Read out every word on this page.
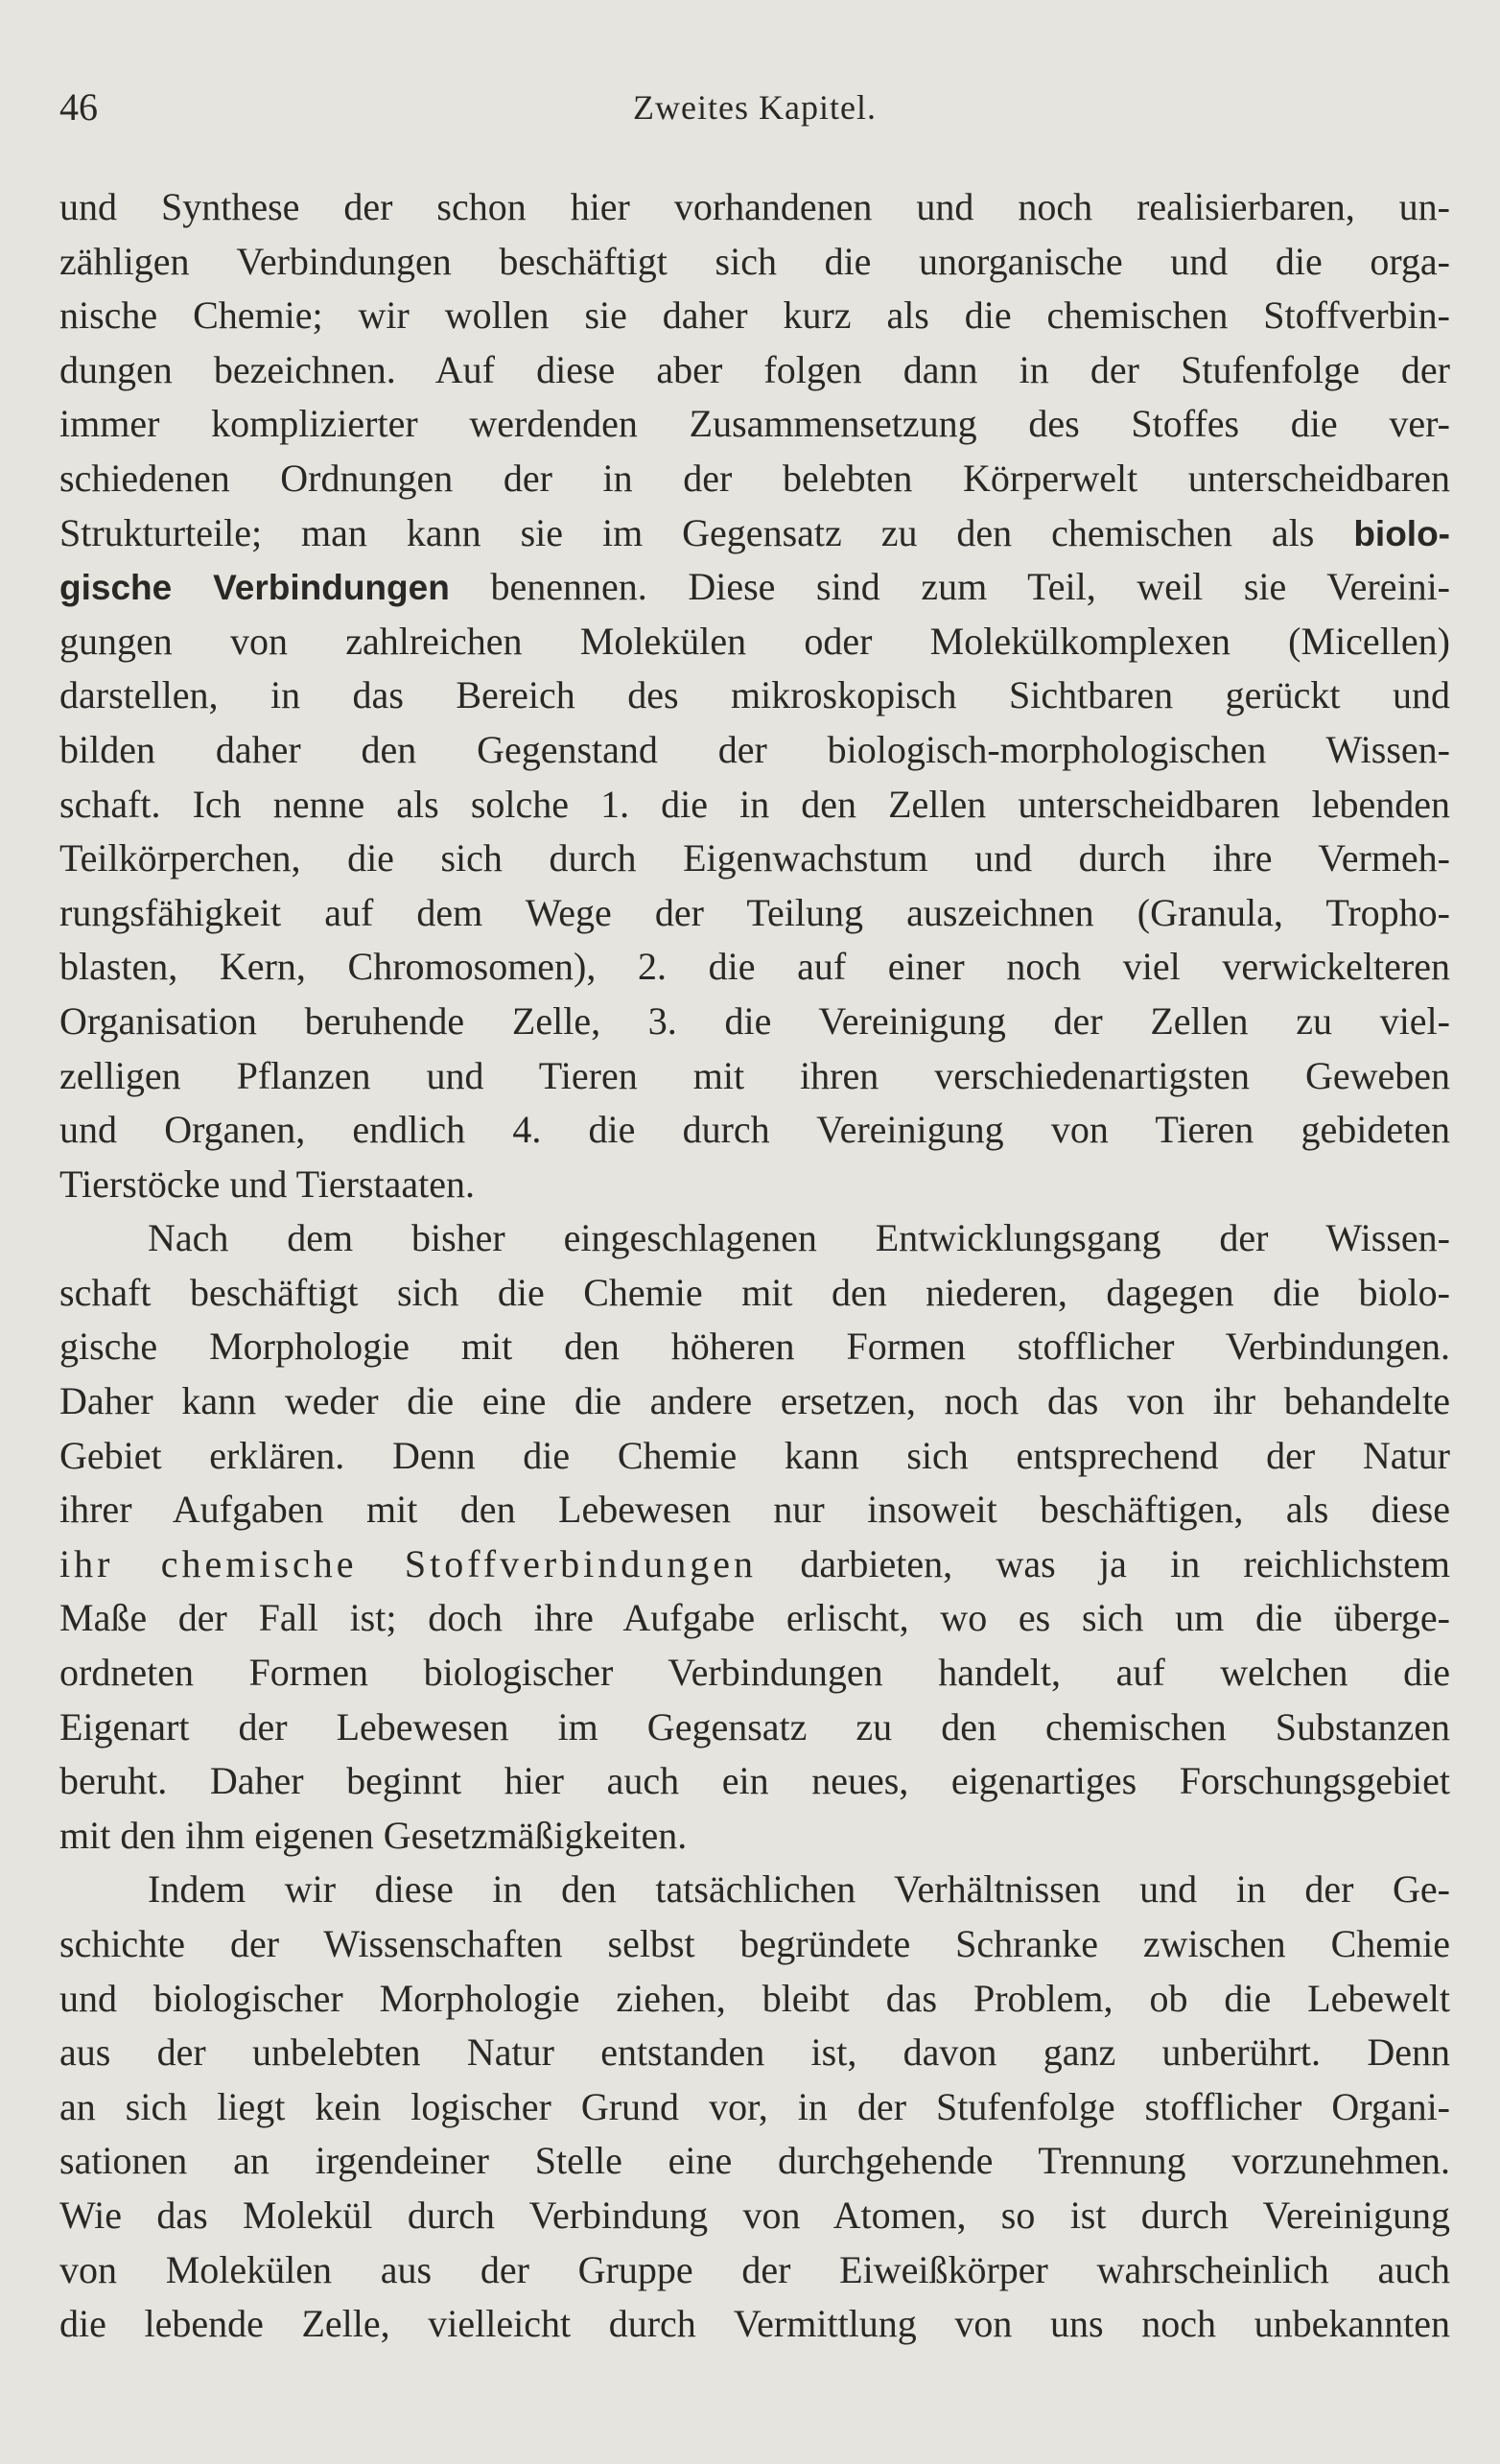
46	Zweites Kapitel.
und Synthese der schon hier vorhandenen und noch realisierbaren, un-
zähligen Verbindungen beschäftigt sich die unorganische und die orga-
nische Chemie; wir wollen sie daher kurz als die chemischen Stoffverbin-
dungen bezeichnen. Auf diese aber folgen dann in der Stufenfolge der
immer komplizierter werdenden Zusammensetzung des Stoffes die ver-
schiedenen Ordnungen der in der belebten Körperwelt unterscheidbaren
Strukturteile; man kann sie im Gegensatz zu den chemischen als biolo-
gische Verbindungen benennen. Diese sind zum Teil, weil sie Vereini-
gungen von zahlreichen Molekülen oder Molekülkomplexen (Micellen)
darstellen, in das Bereich des mikroskopisch Sichtbaren gerückt und
bilden daher den Gegenstand der biologisch-morphologischen Wissen-
schaft. Ich nenne als solche 1. die in den Zellen unterscheidbaren lebenden
Teilkörperchen, die sich durch Eigenwachstum und durch ihre Vermeh-
rungsfähigkeit auf dem Wege der Teilung auszeichnen (Granula, Tropho-
blasten, Kern, Chromosomen), 2. die auf einer noch viel verwickelteren
Organisation beruhende Zelle, 3. die Vereinigung der Zellen zu viel-
zelligen Pflanzen und Tieren mit ihren verschiedenartigsten Geweben
und Organen, endlich 4. die durch Vereinigung von Tieren gebideten
Tierstöcke und Tierstaaten.
Nach dem bisher eingeschlagenen Entwicklungsgang der Wissen-
schaft beschäftigt sich die Chemie mit den niederen, dagegen die biolo-
gische Morphologie mit den höheren Formen stofflicher Verbindungen.
Daher kann weder die eine die andere ersetzen, noch das von ihr behandelte
Gebiet erklären. Denn die Chemie kann sich entsprechend der Natur
ihrer Aufgaben mit den Lebewesen nur insoweit beschäftigen, als diese
ihr chemische Stoffverbindungen darbieten, was ja in reichlichstem
Maße der Fall ist; doch ihre Aufgabe erlischt, wo es sich um die überge-
ordneten Formen biologischer Verbindungen handelt, auf welchen die
Eigenart der Lebewesen im Gegensatz zu den chemischen Substanzen
beruht. Daher beginnt hier auch ein neues, eigenartiges Forschungsgebiet
mit den ihm eigenen Gesetzmäßigkeiten.
Indem wir diese in den tatsächlichen Verhältnissen und in der Ge-
schichte der Wissenschaften selbst begründete Schranke zwischen Chemie
und biologischer Morphologie ziehen, bleibt das Problem, ob die Lebewelt
aus der unbelebten Natur entstanden ist, davon ganz unberührt. Denn
an sich liegt kein logischer Grund vor, in der Stufenfolge stofflicher Organi-
sationen an irgendeiner Stelle eine durchgehende Trennung vorzunehmen.
Wie das Molekül durch Verbindung von Atomen, so ist durch Vereinigung
von Molekülen aus der Gruppe der Eiweißkörper wahrscheinlich auch
die lebende Zelle, vielleicht durch Vermittlung von uns noch unbekannten
